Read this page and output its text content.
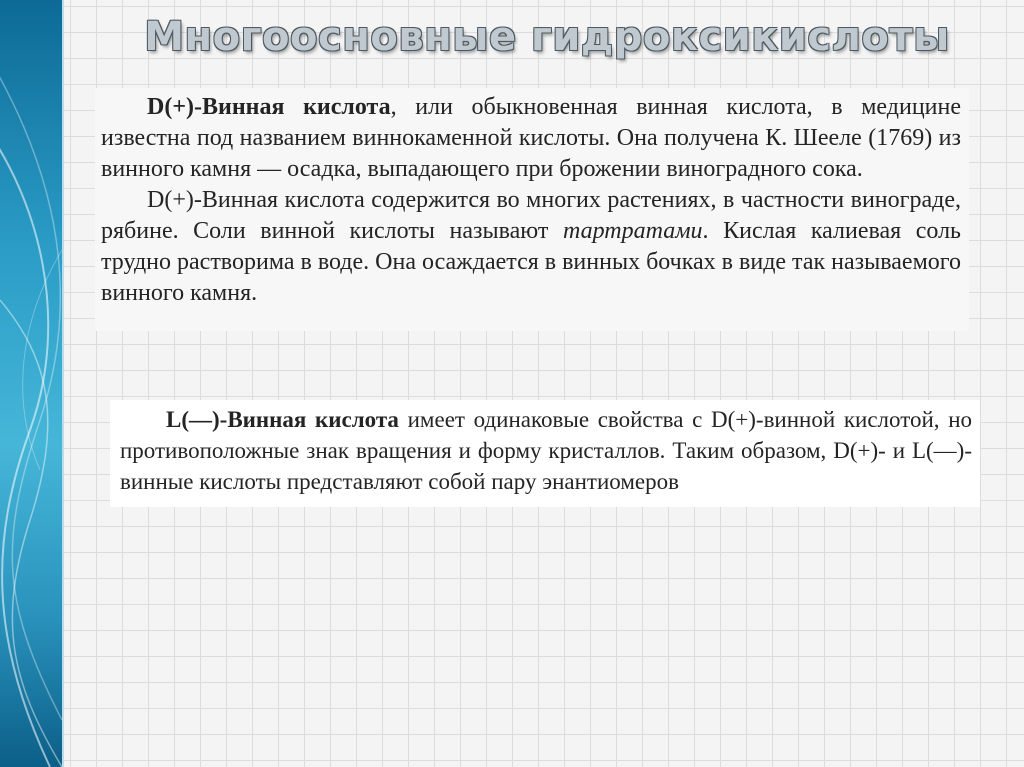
Многоосновные гидроксикислоты

D(+)-Винная кислота, или обыкновенная винная кислота, в медицине известна под названием виннокаменной кислоты. Она получена К. Шееле (1769) из винного камня — осадка, выпадающего при брожении виноградного сока.

D(+)-Винная кислота содержится во многих растениях, в частности винограде, рябине. Соли винной кислоты называют тартратами. Кислая калиевая соль трудно растворима в воде. Она осаждается в винных бочках в виде так называемого винного камня.

L(—)-Винная кислота имеет одинаковые свойства с D(+)-винной кислотой, но противоположные знак вращения и форму кристаллов. Таким образом, D(+)- и L(—)-винные кислоты представляют собой пару энантиомеров
